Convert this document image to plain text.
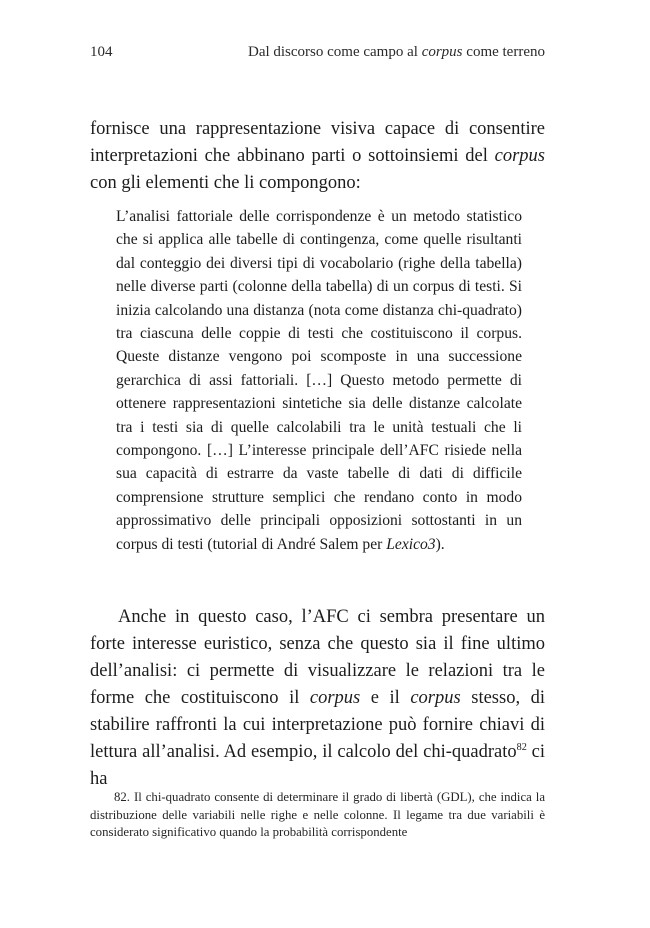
104	Dal discorso come campo al corpus come terreno

fornisce una rappresentazione visiva capace di consentire interpretazioni che abbinano parti o sottoinsiemi del corpus con gli elementi che li compongono:

L’analisi fattoriale delle corrispondenze è un metodo statistico che si applica alle tabelle di contingenza, come quelle risultanti dal conteggio dei diversi tipi di vocabolario (righe della tabella) nelle diverse parti (colonne della tabella) di un corpus di testi. Si inizia calcolando una distanza (nota come distanza chi-quadrato) tra ciascuna delle coppie di testi che costituiscono il corpus. Queste distanze vengono poi scomposte in una successione gerarchica di assi fattoriali. […] Questo metodo permette di ottenere rappresentazioni sintetiche sia delle distanze calcolate tra i testi sia di quelle calcolabili tra le unità testuali che li compongono. […] L’interesse principale dell’AFC risiede nella sua capacità di estrarre da vaste tabelle di dati di difficile comprensione strutture semplici che rendano conto in modo approssimativo delle principali opposizioni sottostanti in un corpus di testi (tutorial di André Salem per Lexico3).

Anche in questo caso, l’AFC ci sembra presentare un forte interesse euristico, senza che questo sia il fine ultimo dell’analisi: ci permette di visualizzare le relazioni tra le forme che costituiscono il corpus e il corpus stesso, di stabilire raffronti la cui interpretazione può fornire chiavi di lettura all’analisi. Ad esempio, il calcolo del chi-quadrato$^{82}$ ci ha

82. Il chi-quadrato consente di determinare il grado di libertà (GDL), che indica la distribuzione delle variabili nelle righe e nelle colonne. Il legame tra due variabili è considerato significativo quando la probabilità corrispondente
